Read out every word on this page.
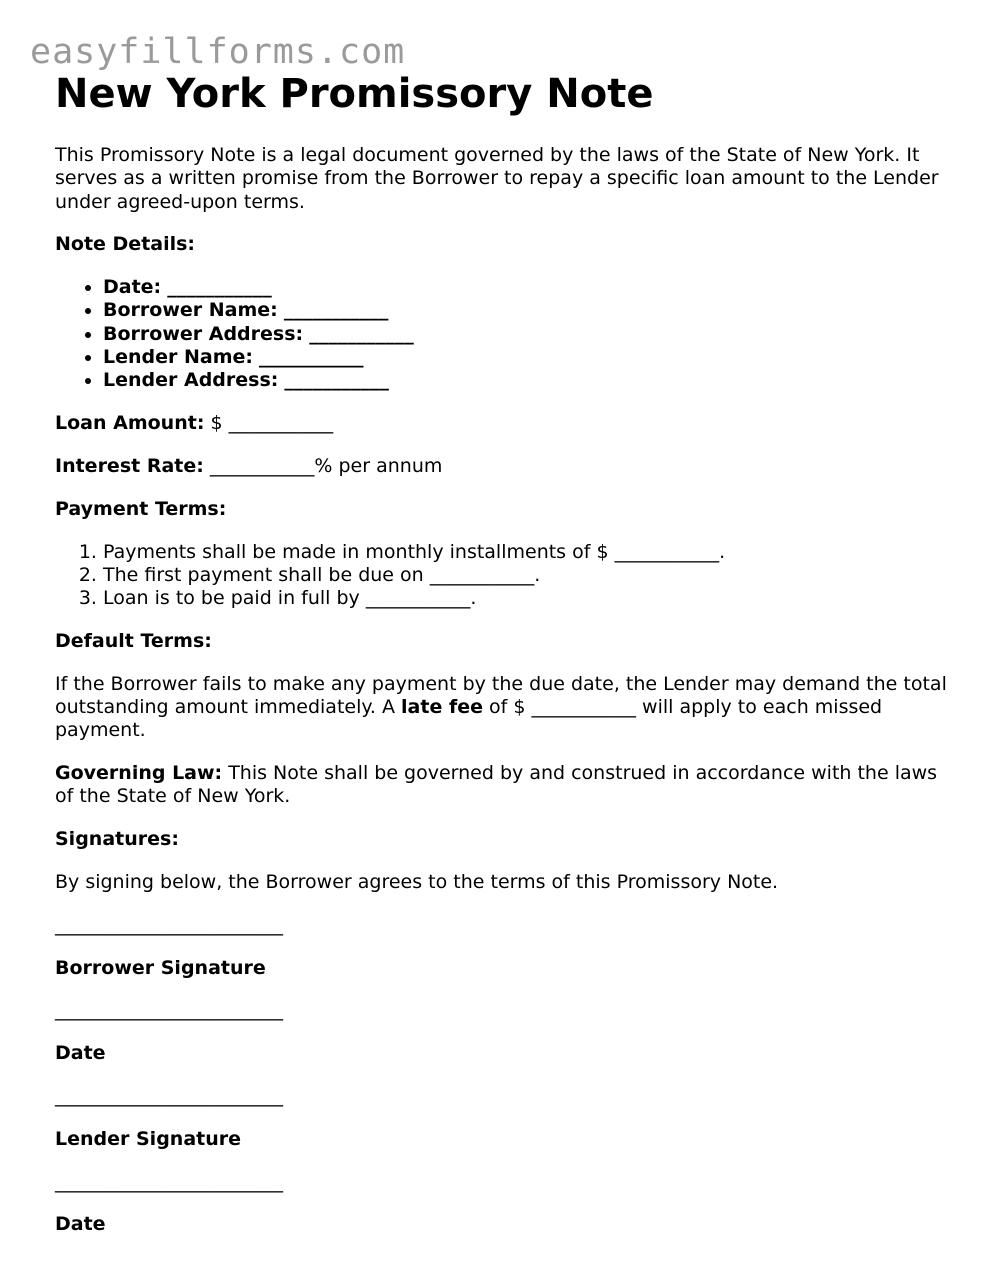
easyfillforms.com
New York Promissory Note

This Promissory Note is a legal document governed by the laws of the State of New York. It serves as a written promise from the Borrower to repay a specific loan amount to the Lender under agreed-upon terms.

Note Details:

• Date: ___________
• Borrower Name: ___________
• Borrower Address: ___________
• Lender Name: ___________
• Lender Address: ___________

Loan Amount: $ ___________

Interest Rate: ___________% per annum

Payment Terms:

1. Payments shall be made in monthly installments of $ ___________.
2. The first payment shall be due on ___________.
3. Loan is to be paid in full by ___________.

Default Terms:

If the Borrower fails to make any payment by the due date, the Lender may demand the total outstanding amount immediately. A late fee of $ ___________ will apply to each missed payment.

Governing Law: This Note shall be governed by and construed in accordance with the laws of the State of New York.

Signatures:

By signing below, the Borrower agrees to the terms of this Promissory Note.

________________________

Borrower Signature

________________________

Date

________________________

Lender Signature

________________________

Date
